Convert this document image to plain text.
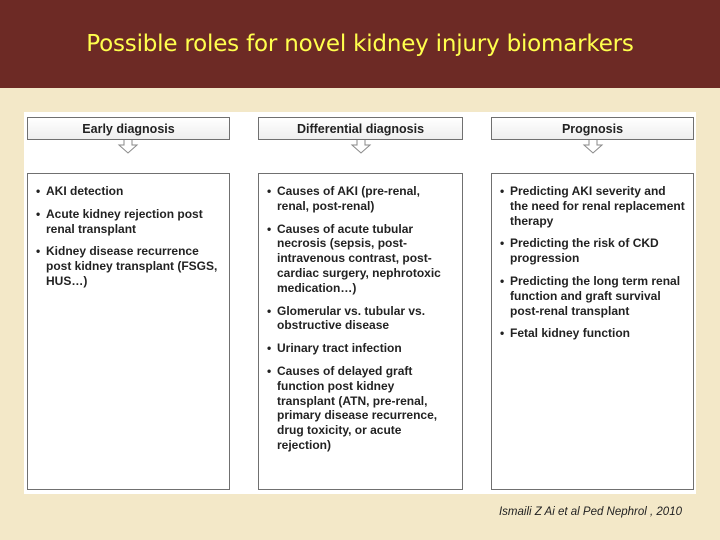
Possible roles for novel kidney injury biomarkers
Early diagnosis
• AKI detection
• Acute kidney rejection post renal transplant
• Kidney disease recurrence post kidney transplant (FSGS, HUS…)
Differential diagnosis
• Causes of AKI (pre-renal, renal, post-renal)
• Causes of acute tubular necrosis (sepsis, post-intravenous contrast, post-cardiac surgery, nephrotoxic medication…)
• Glomerular vs. tubular vs. obstructive disease
• Urinary tract infection
• Causes of delayed graft function post kidney transplant (ATN, pre-renal, primary disease recurrence, drug toxicity, or acute rejection)
Prognosis
• Predicting AKI severity and the need for renal replacement therapy
• Predicting the risk of CKD progression
• Predicting the long term renal function and graft survival post-renal transplant
• Fetal kidney function
Ismaili Z Ai et al Ped Nephrol , 2010
